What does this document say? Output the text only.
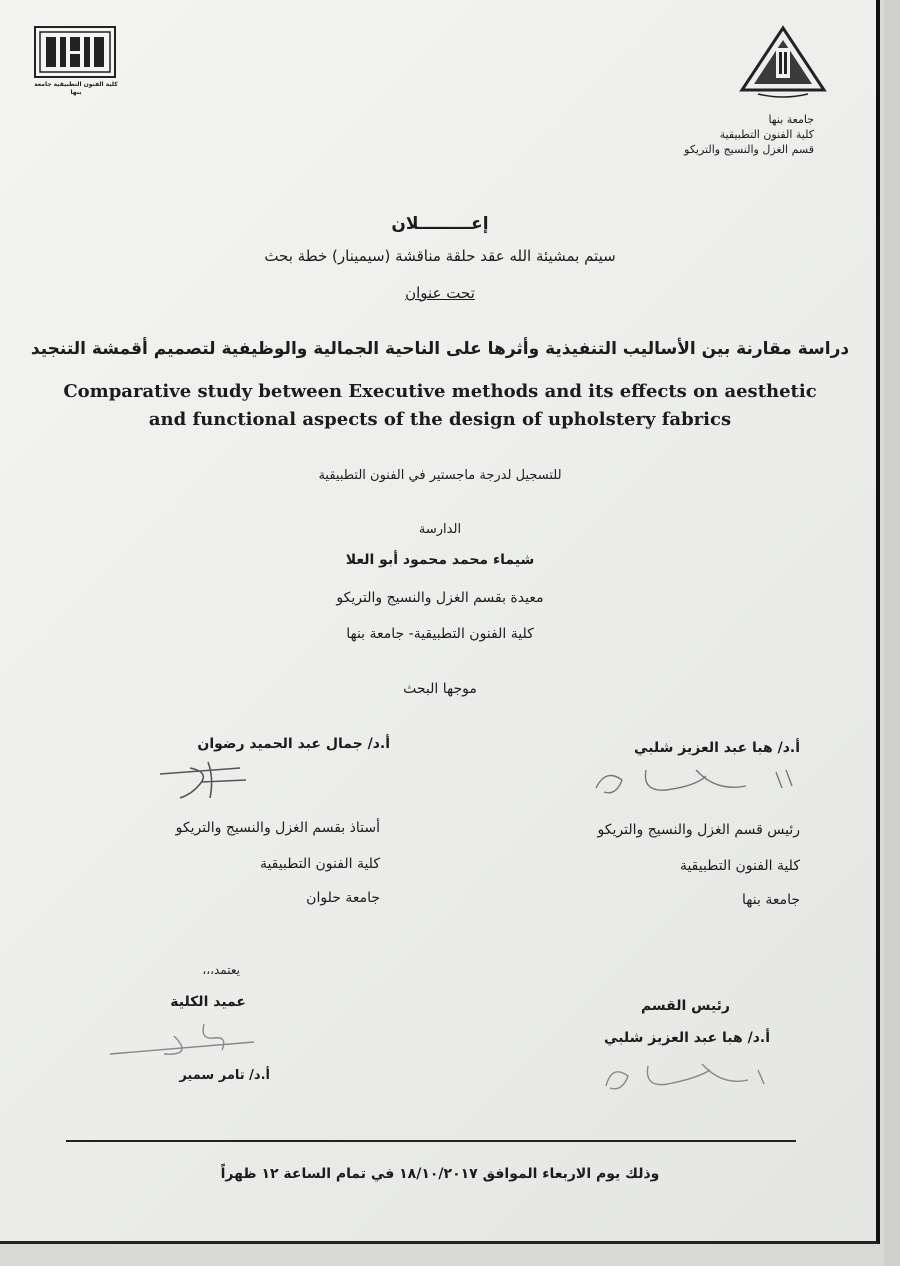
كلية الفنون التطبيقية جامعة بنها
جامعة بنها
كلية الفنون التطبيقية
قسم الغزل والنسيج والتريكو
إعـــــــــلان
سيتم بمشيئة الله عقد حلقة مناقشة (سيمينار) خطة بحث
تحت عنوان
دراسة مقارنة بين الأساليب التنفيذية وأثرها على الناحية الجمالية والوظيفية لتصميم أقمشة التنجيد
Comparative study between Executive methods and its effects on aesthetic
and functional aspects of the design of upholstery fabrics
للتسجيل لدرجة ماجستير في الفنون التطبيقية
الدارسة
شيماء محمد محمود أبو العلا
معيدة بقسم الغزل والنسيج والتريكو
كلية الفنون التطبيقية- جامعة بنها
موجها البحث
أ.د/ جمال عبد الحميد رضوان
أستاذ بقسم الغزل والنسيج والتريكو
كلية الفنون التطبيقية
جامعة حلوان
أ.د/ هبا عبد العزيز شلبي
رئيس قسم الغزل والنسيج والتريكو
كلية الفنون التطبيقية
جامعة بنها
يعتمد،،،
عميد الكلية
أ.د/ تامر سمير
رئيس القسم
أ.د/ هبا عبد العزيز شلبي
وذلك يوم الاربعاء الموافق ١٨/١٠/٢٠١٧ في تمام الساعة ١٢ ظهراً
